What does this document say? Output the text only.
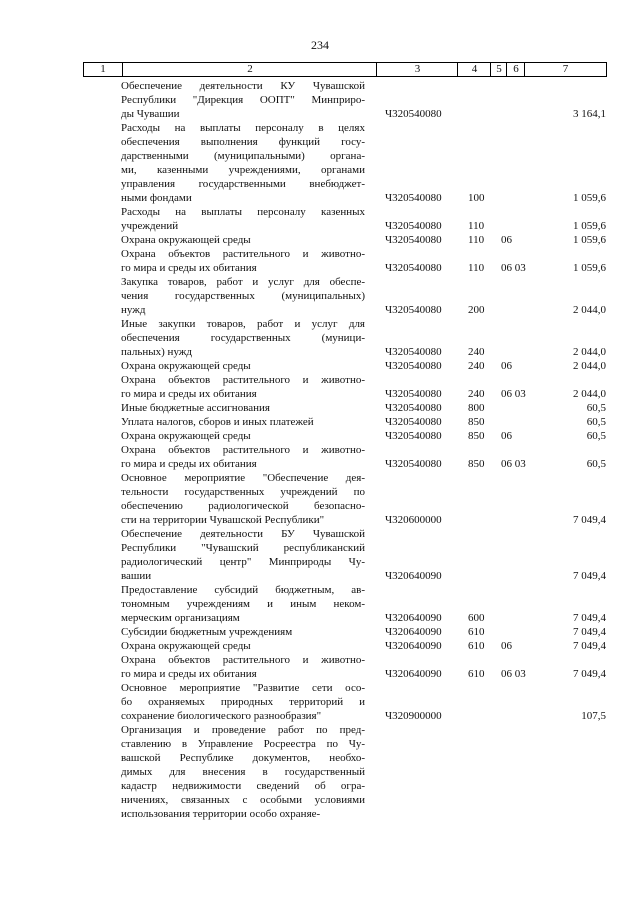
234
1	2	3	4	5	6	7
Обеспечение деятельности КУ Чувашской
Республики "Дирекция ООПТ" Минприро-
ды Чувашии	Ч320540080	3 164,1
Расходы на выплаты персоналу в целях
обеспечения выполнения функций госу-
дарственными (муниципальными) органа-
ми, казенными учреждениями, органами
управления государственными внебюджет-
ными фондами	Ч320540080 100	1 059,6
Расходы на выплаты персоналу казенных
учреждений	Ч320540080 110	1 059,6
Охрана окружающей среды	Ч320540080 110 06	1 059,6
Охрана объектов растительного и животно-
го мира и среды их обитания	Ч320540080 110 06 03	1 059,6
Закупка товаров, работ и услуг для обеспе-
чения государственных (муниципальных)
нужд	Ч320540080 200	2 044,0
Иные закупки товаров, работ и услуг для
обеспечения государственных (муници-
пальных) нужд	Ч320540080 240	2 044,0
Охрана окружающей среды	Ч320540080 240 06	2 044,0
Охрана объектов растительного и животно-
го мира и среды их обитания	Ч320540080 240 06 03	2 044,0
Иные бюджетные ассигнования	Ч320540080 800	60,5
Уплата налогов, сборов и иных платежей	Ч320540080 850	60,5
Охрана окружающей среды	Ч320540080 850 06	60,5
Охрана объектов растительного и животно-
го мира и среды их обитания	Ч320540080 850 06 03	60,5
Основное мероприятие "Обеспечение дея-
тельности государственных учреждений по
обеспечению радиологической безопасно-
сти на территории Чувашской Республики"	Ч320600000	7 049,4
Обеспечение деятельности БУ Чувашской
Республики "Чувашский республиканский
радиологический центр" Минприроды Чу-
вашии	Ч320640090	7 049,4
Предоставление субсидий бюджетным, ав-
тономным учреждениям и иным неком-
мерческим организациям	Ч320640090 600	7 049,4
Субсидии бюджетным учреждениям	Ч320640090 610	7 049,4
Охрана окружающей среды	Ч320640090 610 06	7 049,4
Охрана объектов растительного и животно-
го мира и среды их обитания	Ч320640090 610 06 03	7 049,4
Основное мероприятие "Развитие сети осо-
бо охраняемых природных территорий и
сохранение биологического разнообразия"	Ч320900000	107,5
Организация и проведение работ по пред-
ставлению в Управление Росреестра по Чу-
вашской Республике документов, необхо-
димых для внесения в государственный
кадастр недвижимости сведений об огра-
ничениях, связанных с особыми условиями
использования территории особо охраняе-
